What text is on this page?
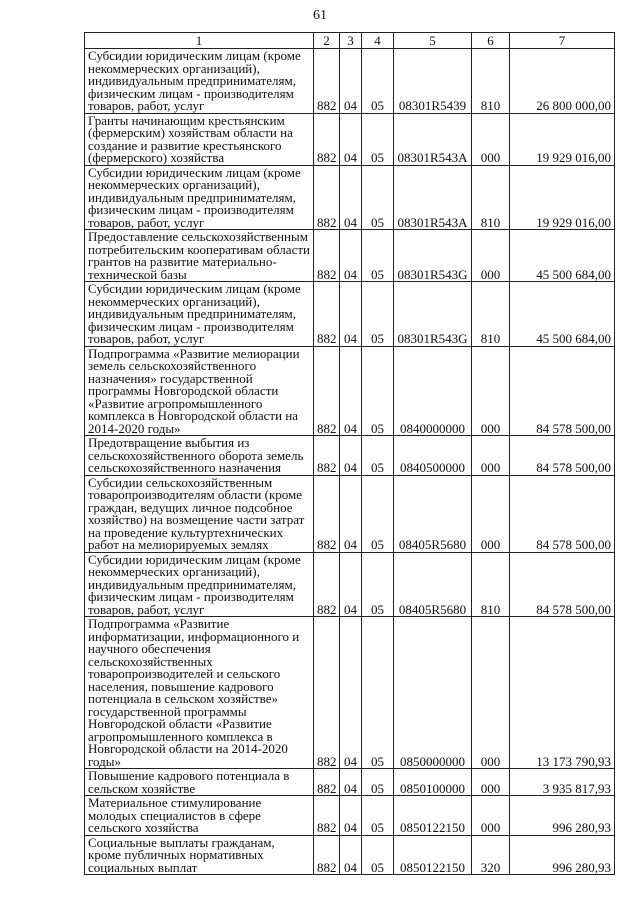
61
1	2	3	4	5	6	7
Субсидии юридическим лицам (кроме некоммерческих организаций), индивидуальным предпринимателям, физическим лицам - производителям товаров, работ, услуг	882	04	05	08301R5439	810	26 800 000,00
Гранты начинающим крестьянским (фермерским) хозяйствам области на создание и развитие крестьянского (фермерского) хозяйства	882	04	05	08301R543A	000	19 929 016,00
Субсидии юридическим лицам (кроме некоммерческих организаций), индивидуальным предпринимателям, физическим лицам - производителям товаров, работ, услуг	882	04	05	08301R543A	810	19 929 016,00
Предоставление сельскохозяйственным потребительским кооперативам области грантов на развитие материально-технической базы	882	04	05	08301R543G	000	45 500 684,00
Субсидии юридическим лицам (кроме некоммерческих организаций), индивидуальным предпринимателям, физическим лицам - производителям товаров, работ, услуг	882	04	05	08301R543G	810	45 500 684,00
Подпрограмма «Развитие мелиорации земель сельскохозяйственного назначения» государственной программы Новгородской области «Развитие агропромышленного комплекса в Новгородской области на 2014-2020 годы»	882	04	05	0840000000	000	84 578 500,00
Предотвращение выбытия из сельскохозяйственного оборота земель сельскохозяйственного назначения	882	04	05	0840500000	000	84 578 500,00
Субсидии сельскохозяйственным товаропроизводителям области (кроме граждан, ведущих личное подсобное хозяйство) на возмещение части затрат на проведение культуртехнических работ на мелиорируемых землях	882	04	05	08405R5680	000	84 578 500,00
Субсидии юридическим лицам (кроме некоммерческих организаций), индивидуальным предпринимателям, физическим лицам - производителям товаров, работ, услуг	882	04	05	08405R5680	810	84 578 500,00
Подпрограмма «Развитие информатизации, информационного и научного обеспечения сельскохозяйственных товаропроизводителей и сельского населения, повышение кадрового потенциала в сельском хозяйстве» государственной программы Новгородской области «Развитие агропромышленного комплекса в Новгородской области на 2014-2020 годы»	882	04	05	0850000000	000	13 173 790,93
Повышение кадрового потенциала в сельском хозяйстве	882	04	05	0850100000	000	3 935 817,93
Материальное стимулирование молодых специалистов в сфере сельского хозяйства	882	04	05	0850122150	000	996 280,93
Социальные выплаты гражданам, кроме публичных нормативных социальных выплат	882	04	05	0850122150	320	996 280,93
